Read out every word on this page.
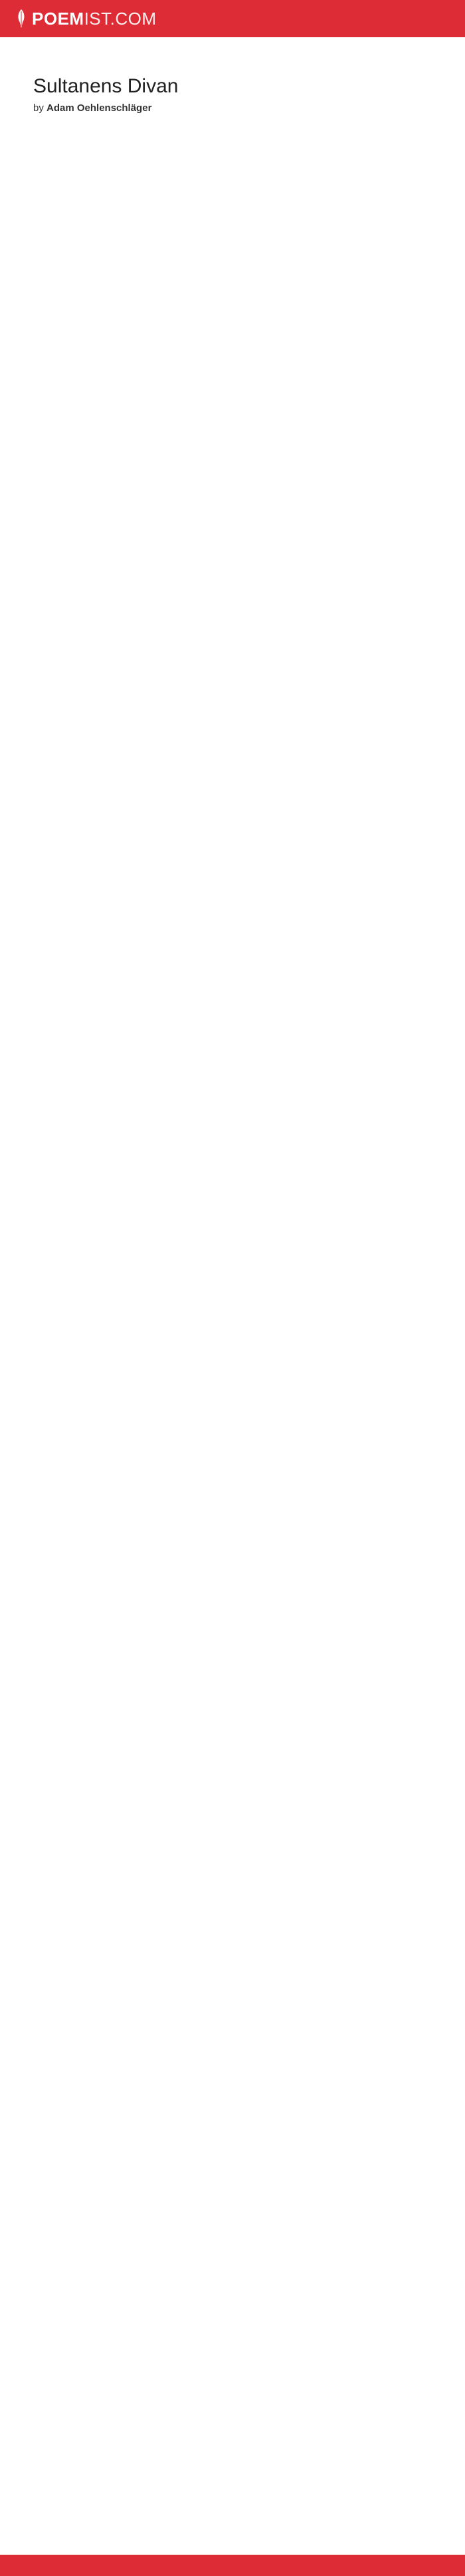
POEMIST.COM
Sultanens Divan
by Adam Oehlenschläger
